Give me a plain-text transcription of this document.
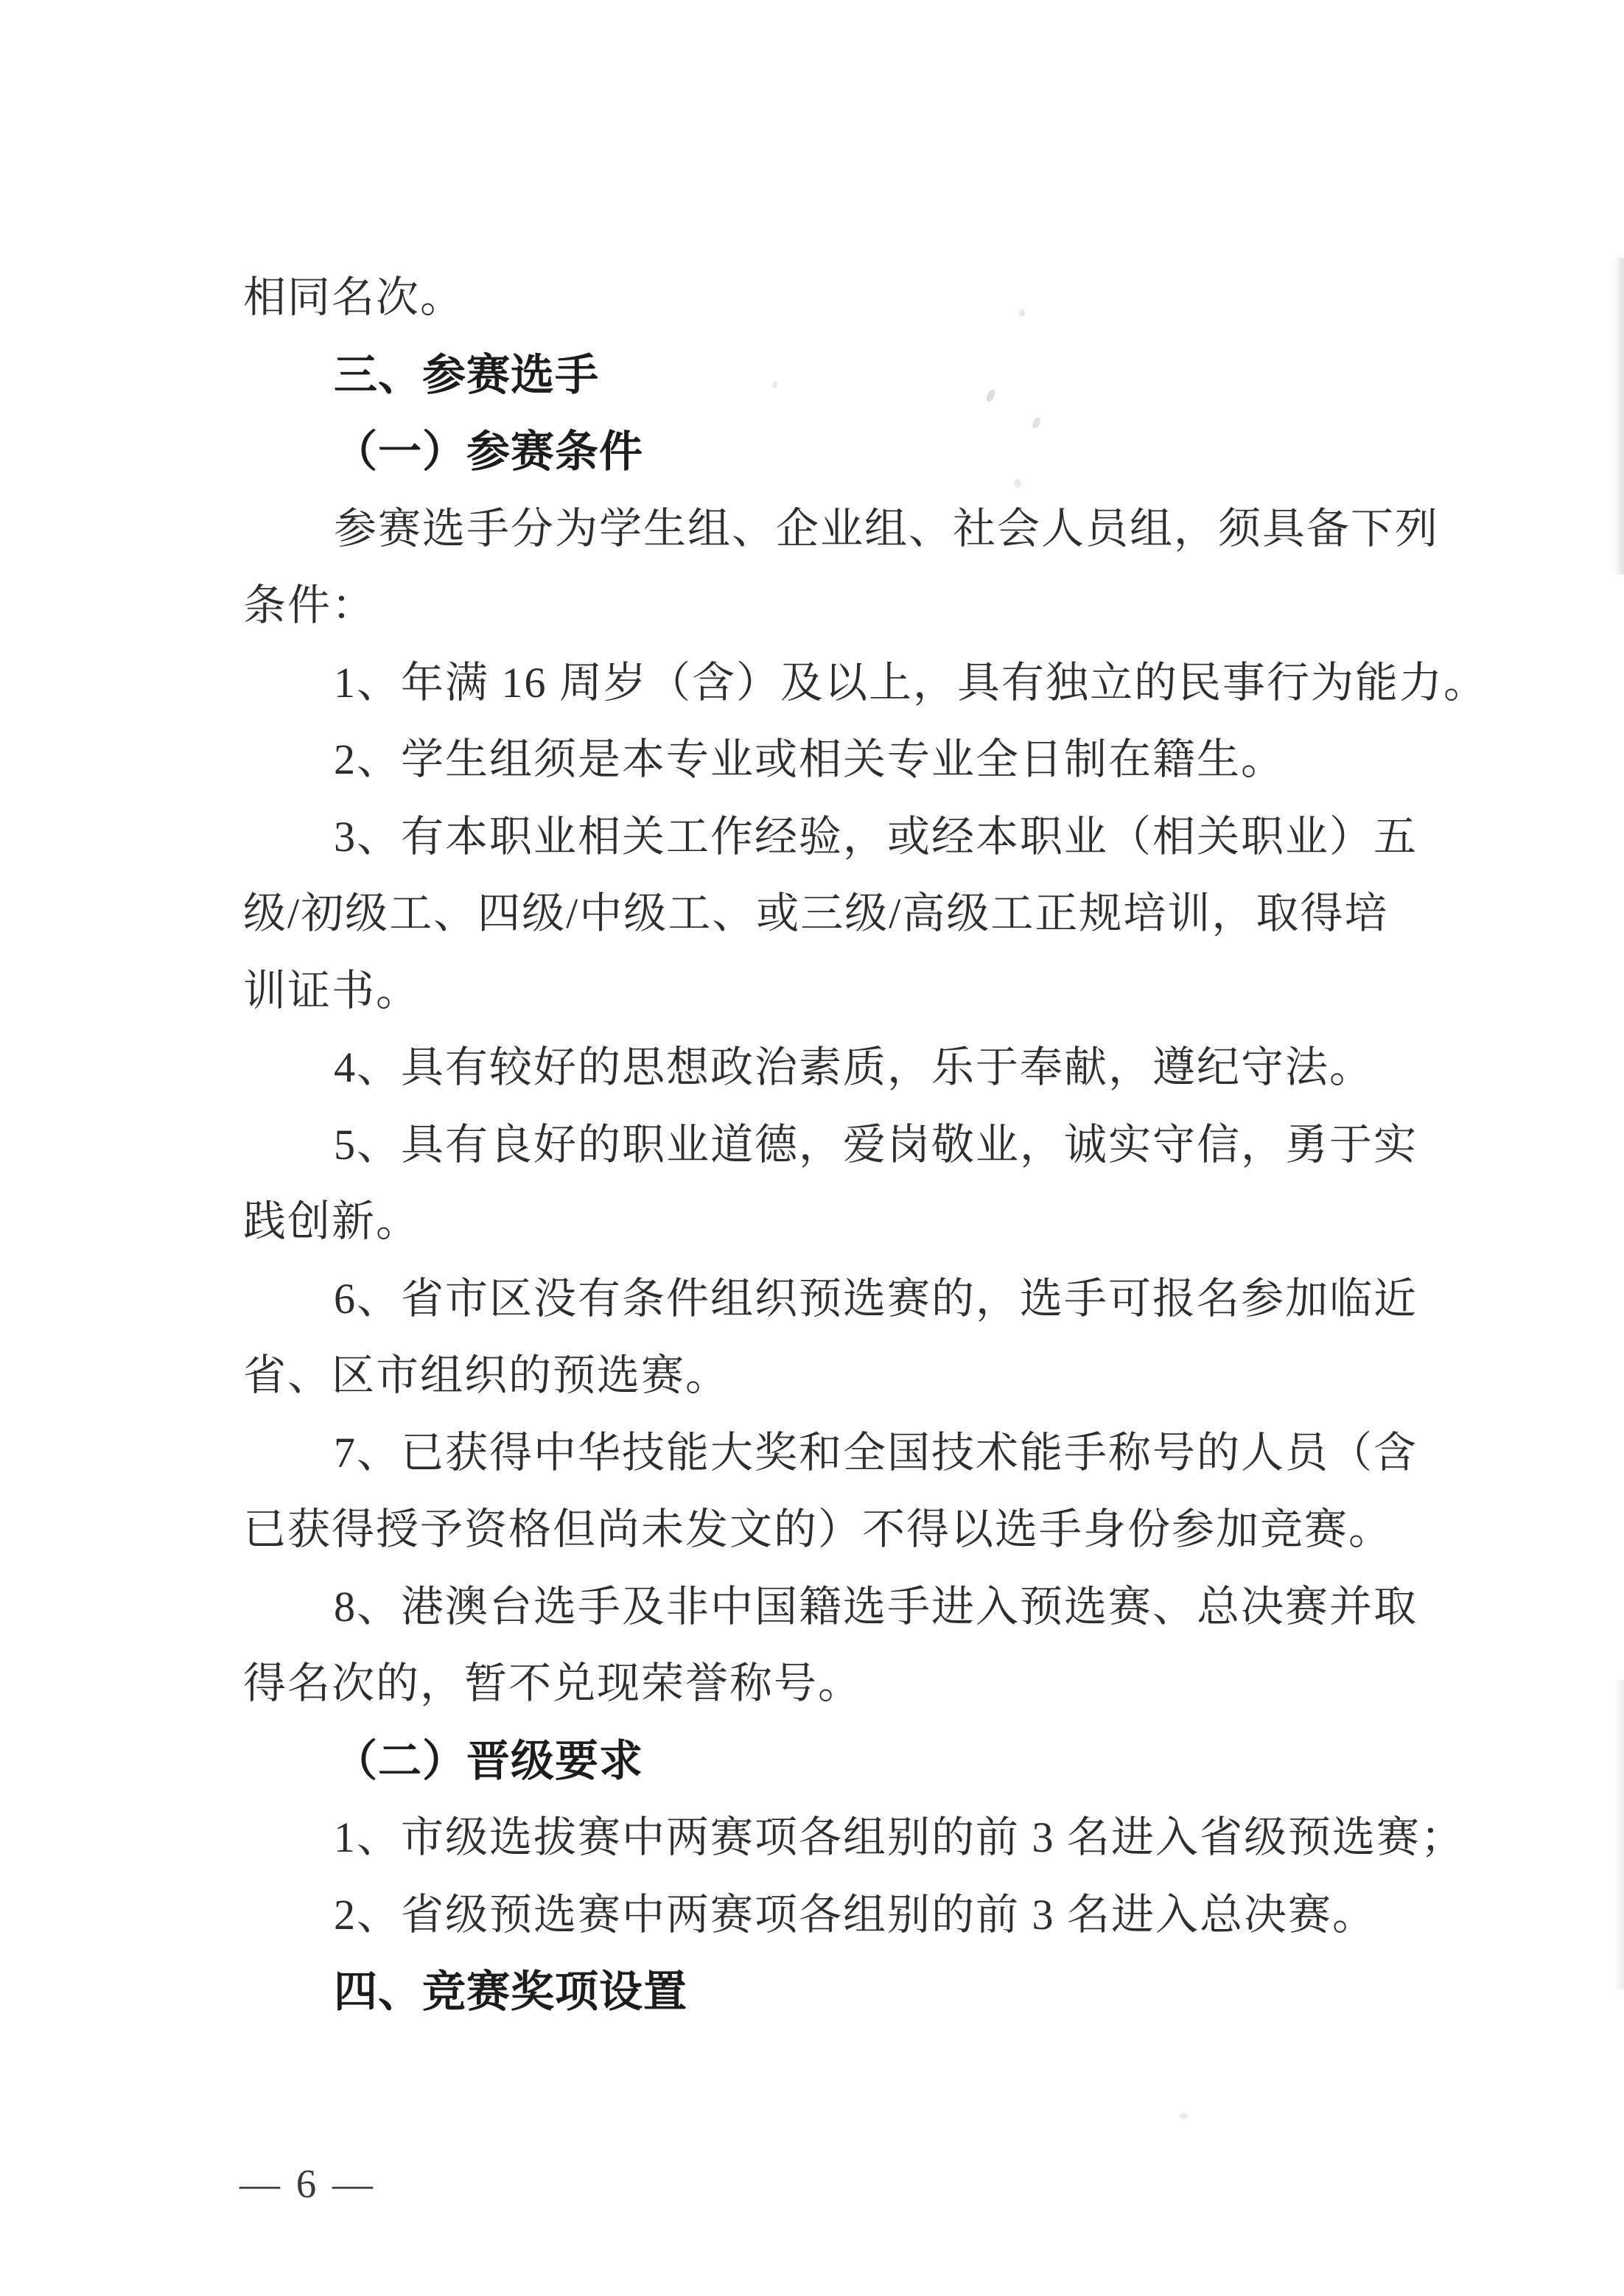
相同名次。
三、参赛选手
（一）参赛条件
参赛选手分为学生组、企业组、社会人员组，须具备下列
条件：
1、年满 16 周岁（含）及以上，具有独立的民事行为能力。
2、学生组须是本专业或相关专业全日制在籍生。
3、有本职业相关工作经验，或经本职业（相关职业）五
级/初级工、四级/中级工、或三级/高级工正规培训，取得培
训证书。
4、具有较好的思想政治素质，乐于奉献，遵纪守法。
5、具有良好的职业道德，爱岗敬业，诚实守信，勇于实
践创新。
6、省市区没有条件组织预选赛的，选手可报名参加临近
省、区市组织的预选赛。
7、已获得中华技能大奖和全国技术能手称号的人员（含
已获得授予资格但尚未发文的）不得以选手身份参加竞赛。
8、港澳台选手及非中国籍选手进入预选赛、总决赛并取
得名次的，暂不兑现荣誉称号。
（二）晋级要求
1、市级选拔赛中两赛项各组别的前 3 名进入省级预选赛；
2、省级预选赛中两赛项各组别的前 3 名进入总决赛。
四、竞赛奖项设置
— 6 —
